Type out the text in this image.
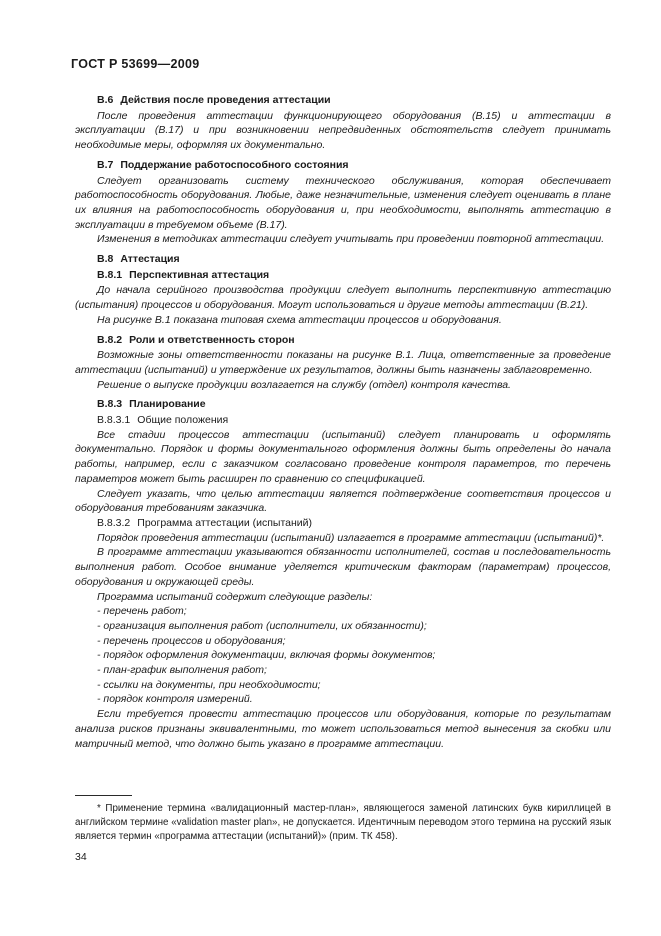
ГОСТ Р 53699—2009

В.6 Действия после проведения аттестации

После проведения аттестации функционирующего оборудования (В.15) и аттестации в эксплуатации (В.17) и при возникновении непредвиденных обстоятельств следует принимать необходимые меры, оформляя их документально.

В.7 Поддержание работоспособного состояния

Следует организовать систему технического обслуживания, которая обеспечивает работоспособность оборудования. Любые, даже незначительные, изменения следует оценивать в плане их влияния на работоспособность оборудования и, при необходимости, выполнять аттестацию в эксплуатации в требуемом объеме (В.17).

Изменения в методиках аттестации следует учитывать при проведении повторной аттестации.

В.8 Аттестация

В.8.1 Перспективная аттестация

До начала серийного производства продукции следует выполнить перспективную аттестацию (испытания) процессов и оборудования. Могут использоваться и другие методы аттестации (В.21).

На рисунке В.1 показана типовая схема аттестации процессов и оборудования.

В.8.2 Роли и ответственность сторон

Возможные зоны ответственности показаны на рисунке В.1. Лица, ответственные за проведение аттестации (испытаний) и утверждение их результатов, должны быть назначены заблаговременно.

Решение о выпуске продукции возлагается на службу (отдел) контроля качества.

В.8.3 Планирование

В.8.3.1 Общие положения

Все стадии процессов аттестации (испытаний) следует планировать и оформлять документально. Порядок и формы документального оформления должны быть определены до начала работы, например, если с заказчиком согласовано проведение контроля параметров, то перечень параметров может быть расширен по сравнению со спецификацией.

Следует указать, что целью аттестации является подтверждение соответствия процессов и оборудования требованиям заказчика.

В.8.3.2 Программа аттестации (испытаний)

Порядок проведения аттестации (испытаний) излагается в программе аттестации (испытаний)*.

В программе аттестации указываются обязанности исполнителей, состав и последовательность выполнения работ. Особое внимание уделяется критическим факторам (параметрам) процессов, оборудования и окружающей среды.

Программа испытаний содержит следующие разделы:

- перечень работ;

- организация выполнения работ (исполнители, их обязанности);

- перечень процессов и оборудования;

- порядок оформления документации, включая формы документов;

- план-график выполнения работ;

- ссылки на документы, при необходимости;

- порядок контроля измерений.

Если требуется провести аттестацию процессов или оборудования, которые по результатам анализа рисков признаны эквивалентными, то может использоваться метод вынесения за скобки или матричный метод, что должно быть указано в программе аттестации.

* Применение термина «валидационный мастер-план», являющегося заменой латинских букв кириллицей в английском термине «validation master plan», не допускается. Идентичным переводом этого термина на русский язык является термин «программа аттестации (испытаний)» (прим. ТК 458).
34
